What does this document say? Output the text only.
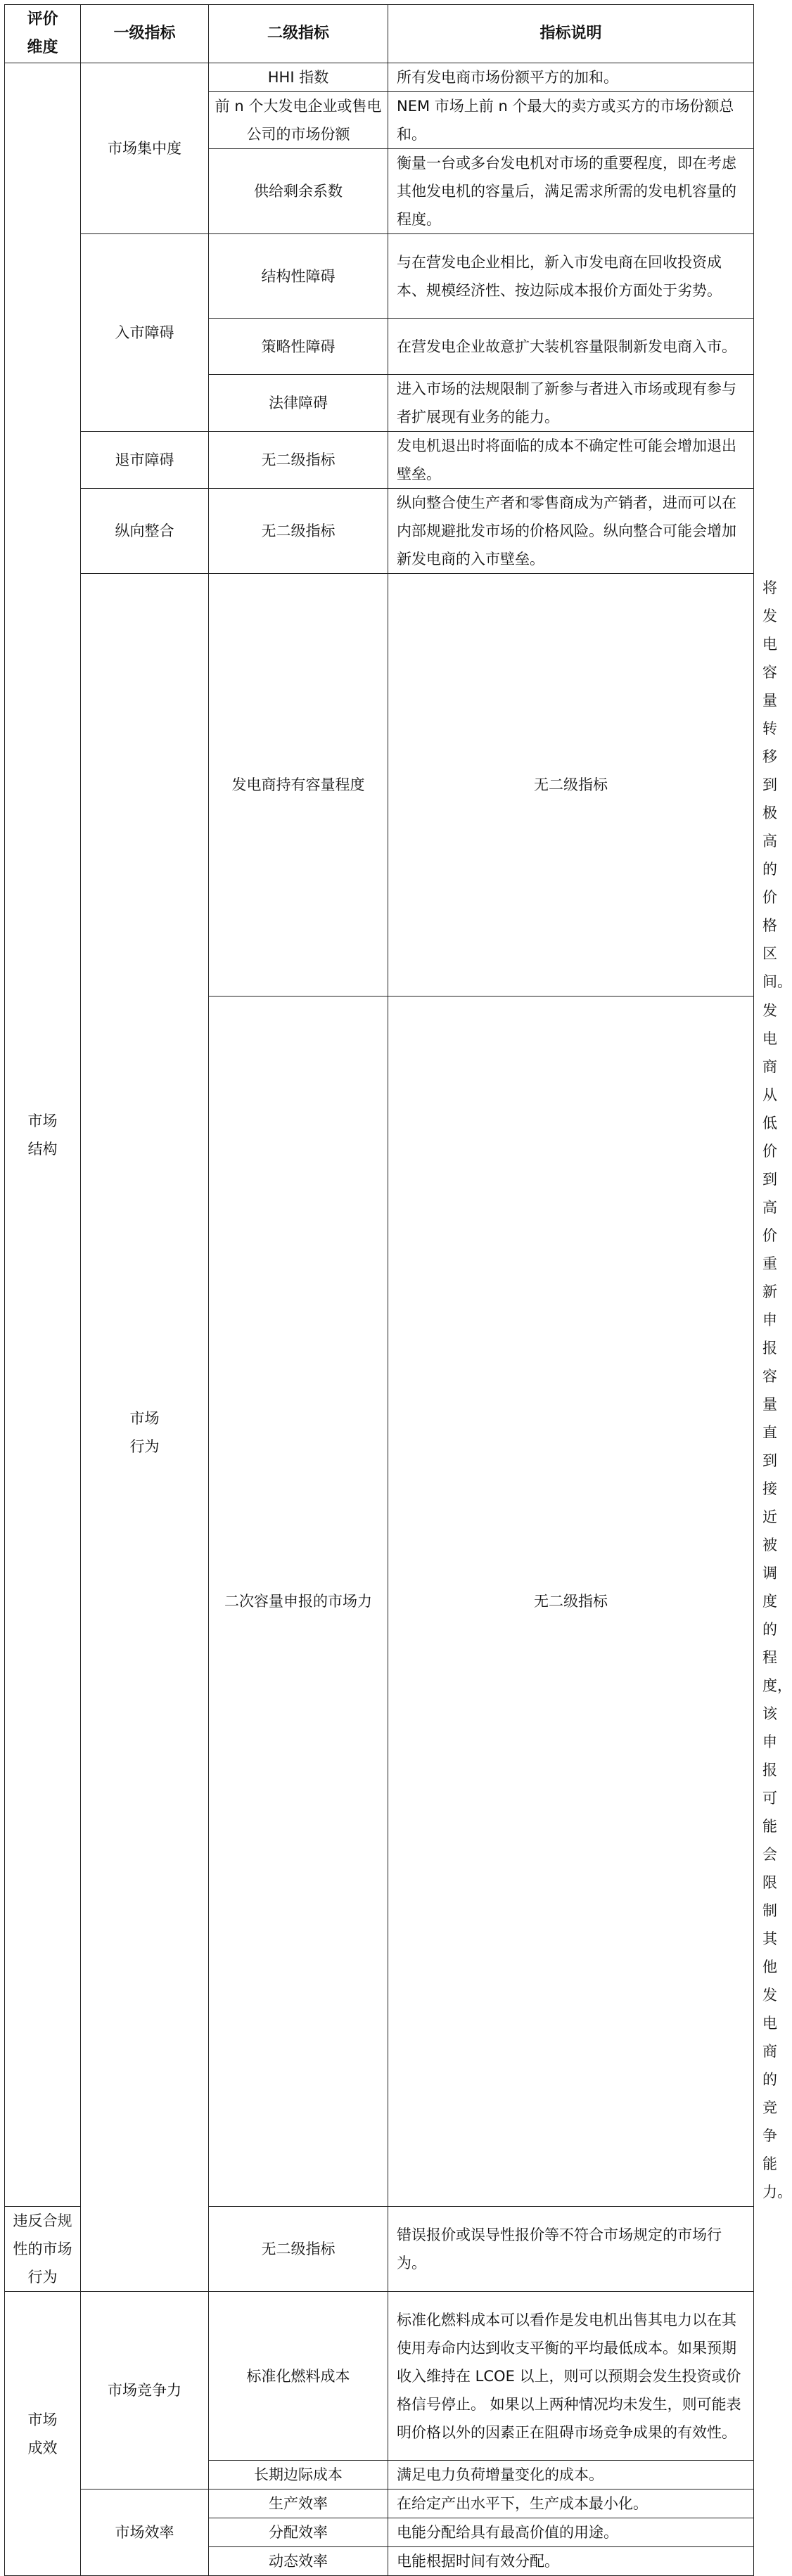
评价
维度	一级指标	二级指标	指标说明	

市场
结构	市场集中度	HHI 指数	所有发电商市场份额平方的加和。	
		前 n 个大发电企业或售电公司的市场份额	NEM 市场上前 n 个最大的卖方或买方的市场份额总和。	
		供给剩余系数	衡量一台或多台发电机对市场的重要程度，即在考虑其他发电机的容量后，满足需求所需的发电机容量的程度。	
	入市障碍	结构性障碍	与在营发电企业相比，新入市发电商在回收投资成本、规模经济性、按边际成本报价方面处于劣势。	
		策略性障碍	在营发电企业故意扩大装机容量限制新发电商入市。	
		法律障碍	进入市场的法规限制了新参与者进入市场或现有参与者扩展现有业务的能力。	
	退市障碍	无二级指标	发电机退出时将面临的成本不确定性可能会增加退出壁垒。	
	纵向整合	无二级指标	纵向整合使生产者和零售商成为产销者，进而可以在内部规避批发市场的价格风险。纵向整合可能会增加新发电商的入市壁垒。	

	市场
行为	发电商持有容量程度	无二级指标	将发电容量转移到极高的价格区间。
		二次容量申报的市场力	无二级指标	发电商从低价到高价重新申报容量直到接近被调度的程度，该申报可能会限制其他发电商的竞争能力。
违反合规性的市场行为		无二级指标	错误报价或误导性报价等不符合市场规定的市场行为。	

市场
成效	市场竞争力	标准化燃料成本	标准化燃料成本可以看作是发电机出售其电力以在其使用寿命内达到收支平衡的平均最低成本。如果预期收入维持在 LCOE 以上，则可以预期会发生投资或价格信号停止。 如果以上两种情况均未发生，则可能表明价格以外的因素正在阻碍市场竞争成果的有效性。	
		长期边际成本	满足电力负荷增量变化的成本。	
	市场效率	生产效率	在给定产出水平下，生产成本最小化。	
		分配效率	电能分配给具有最高价值的用途。	
		动态效率	电能根据时间有效分配。	
